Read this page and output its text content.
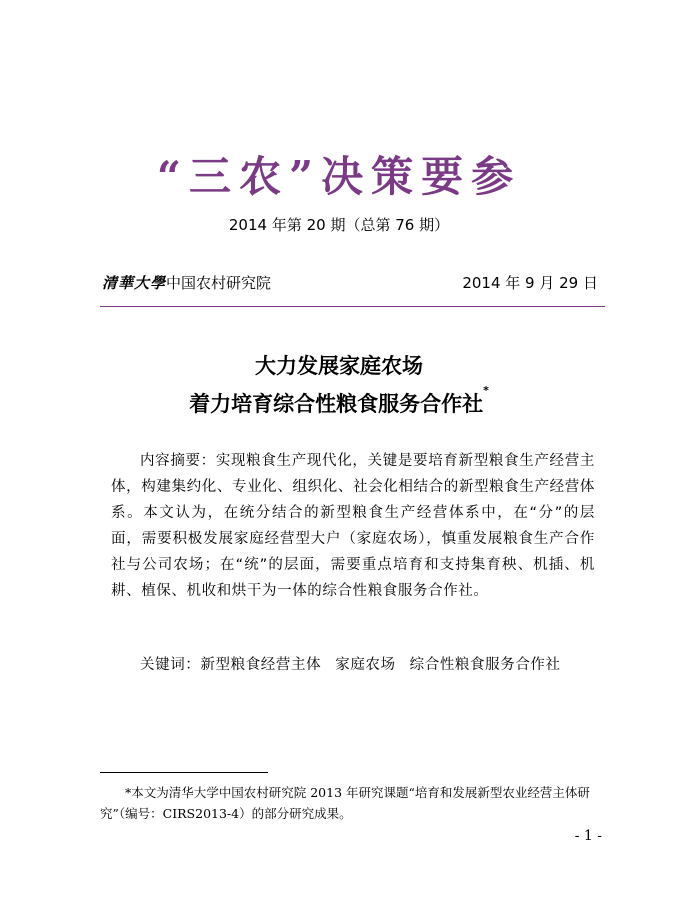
“三农”决策要参
2014 年第 20 期（总第 76 期）
清華大學中国农村研究院	2014 年 9 月 29 日
大力发展家庭农场
着力培育综合性粮食服务合作社*
内容摘要：实现粮食生产现代化，关键是要培育新型粮食生产经营主体，构建集约化、专业化、组织化、社会化相结合的新型粮食生产经营体系。本文认为，在统分结合的新型粮食生产经营体系中，在“分”的层面，需要积极发展家庭经营型大户（家庭农场），慎重发展粮食生产合作社与公司农场；在“统”的层面，需要重点培育和支持集育秧、机插、机耕、植保、机收和烘干为一体的综合性粮食服务合作社。
关键词：新型粮食经营主体 家庭农场 综合性粮食服务合作社
*本文为清华大学中国农村研究院 2013 年研究课题“培育和发展新型农业经营主体研究”（编号：CIRS2013-4）的部分研究成果。
- 1 -
